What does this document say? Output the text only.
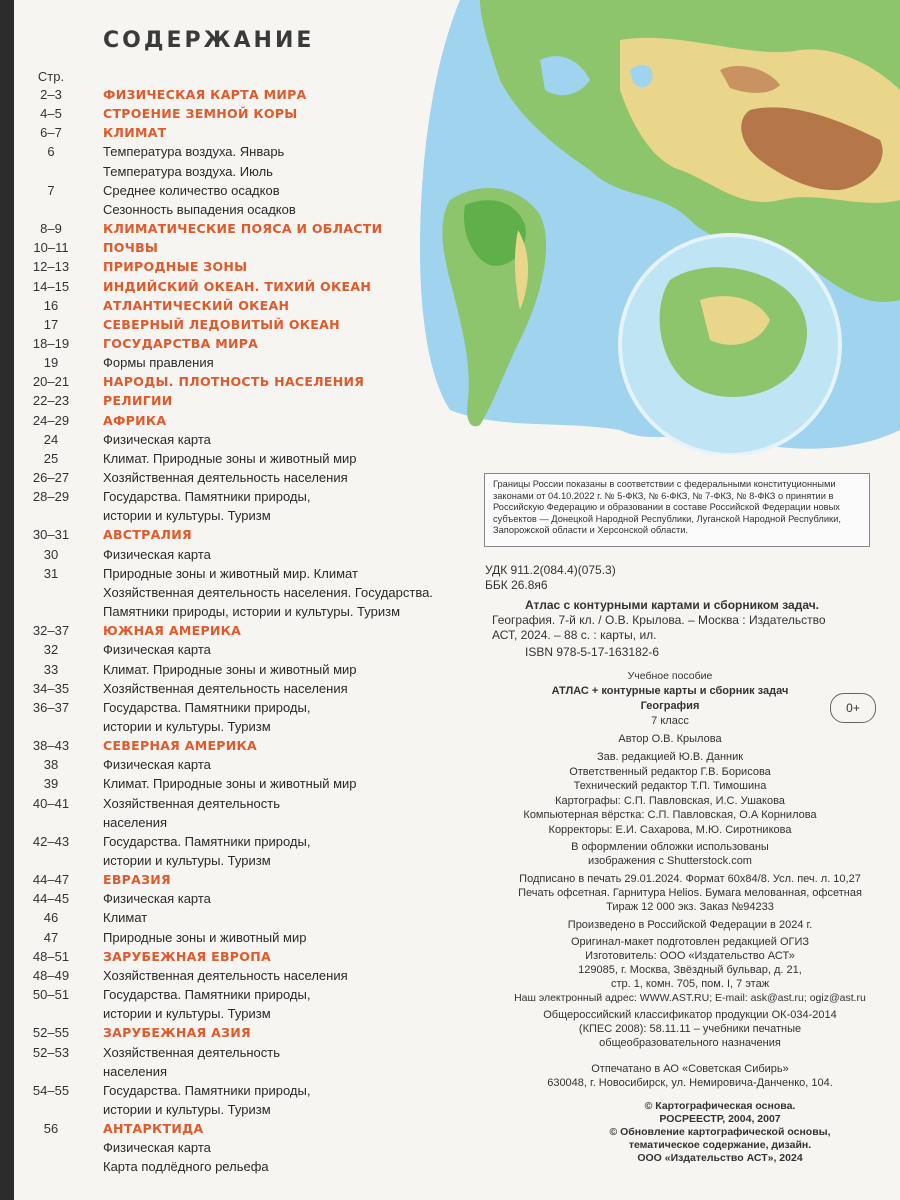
СОДЕРЖАНИЕ
Стр.
2–3	ФИЗИЧЕСКАЯ КАРТА МИРА
4–5	СТРОЕНИЕ ЗЕМНОЙ КОРЫ
6–7	КЛИМАТ
6	Температура воздуха. Январь
Температура воздуха. Июль
7	Среднее количество осадков
Сезонность выпадения осадков
8–9	КЛИМАТИЧЕСКИЕ ПОЯСА И ОБЛАСТИ
10–11	ПОЧВЫ
12–13	ПРИРОДНЫЕ ЗОНЫ
14–15	ИНДИЙСКИЙ ОКЕАН. ТИХИЙ ОКЕАН
16	АТЛАНТИЧЕСКИЙ ОКЕАН
17	СЕВЕРНЫЙ ЛЕДОВИТЫЙ ОКЕАН
18–19	ГОСУДАРСТВА МИРА
19	Формы правления
20–21	НАРОДЫ. ПЛОТНОСТЬ НАСЕЛЕНИЯ
22–23	РЕЛИГИИ
24–29	АФРИКА
24	Физическая карта
25	Климат. Природные зоны и животный мир
26–27	Хозяйственная деятельность населения
28–29	Государства. Памятники природы,
истории и культуры. Туризм
30–31	АВСТРАЛИЯ
30	Физическая карта
31	Природные зоны и животный мир. Климат
Хозяйственная деятельность населения. Государства.
Памятники природы, истории и культуры. Туризм
32–37	ЮЖНАЯ АМЕРИКА
32	Физическая карта
33	Климат. Природные зоны и животный мир
34–35	Хозяйственная деятельность населения
36–37	Государства. Памятники природы,
истории и культуры. Туризм
38–43	СЕВЕРНАЯ АМЕРИКА
38	Физическая карта
39	Климат. Природные зоны и животный мир
40–41	Хозяйственная деятельность
населения
42–43	Государства. Памятники природы,
истории и культуры. Туризм
44–47	ЕВРАЗИЯ
44–45	Физическая карта
46	Климат
47	Природные зоны и животный мир
48–51	ЗАРУБЕЖНАЯ ЕВРОПА
48–49	Хозяйственная деятельность населения
50–51	Государства. Памятники природы,
истории и культуры. Туризм
52–55	ЗАРУБЕЖНАЯ АЗИЯ
52–53	Хозяйственная деятельность
населения
54–55	Государства. Памятники природы,
истории и культуры. Туризм
56	АНТАРКТИДА
Физическая карта
Карта подлёдного рельефа
Границы России показаны в соответствии с федеральными конституционными законами от 04.10.2022 г. № 5-ФКЗ, № 6-ФКЗ, № 7-ФКЗ, № 8-ФКЗ о принятии в Российскую Федерацию и образовании в составе Российской Федерации новых субъектов — Донецкой Народной Республики, Луганской Народной Республики, Запорожской области и Херсонской области.
УДК 911.2(084.4)(075.3)
ББК 26.8я6
Атлас с контурными картами и сборником задач.
География. 7-й кл. / О.В. Крылова. – Москва : Издательство
АСТ, 2024. – 88 с. : карты, ил.
ISBN 978-5-17-163182-6
Учебное пособие
АТЛАС + контурные карты и сборник задач
География
7 класс
0+
Автор О.В. Крылова
Зав. редакцией Ю.В. Данник
Ответственный редактор Г.В. Борисова
Технический редактор Т.П. Тимошина
Картографы: С.П. Павловская, И.С. Ушакова
Компьютерная вёрстка: С.П. Павловская, О.А Корнилова
Корректоры: Е.И. Сахарова, М.Ю. Сиротникова
В оформлении обложки использованы
изображения с Shutterstock.com
Подписано в печать 29.01.2024. Формат 60x84/8. Усл. печ. л. 10,27
Печать офсетная. Гарнитура Helios. Бумага мелованная, офсетная
Тираж 12 000 экз. Заказ №94233
Произведено в Российской Федерации в 2024 г.
Оригинал-макет подготовлен редакцией ОГИЗ
Изготовитель: ООО «Издательство АСТ»
129085, г. Москва, Звёздный бульвар, д. 21,
стр. 1, комн. 705, пом. I, 7 этаж
Наш электронный адрес: WWW.AST.RU; E-mail: ask@ast.ru; ogiz@ast.ru
Общероссийский классификатор продукции ОК-034-2014
(КПЕС 2008): 58.11.11 – учебники печатные
общеобразовательного назначения
Отпечатано в АО «Советская Сибирь»
630048, г. Новосибирск, ул. Немировича-Данченко, 104.
© Картографическая основа.
РОСРЕЕСТР, 2004, 2007
© Обновление картографической основы,
тематическое содержание, дизайн.
ООО «Издательство АСТ», 2024
